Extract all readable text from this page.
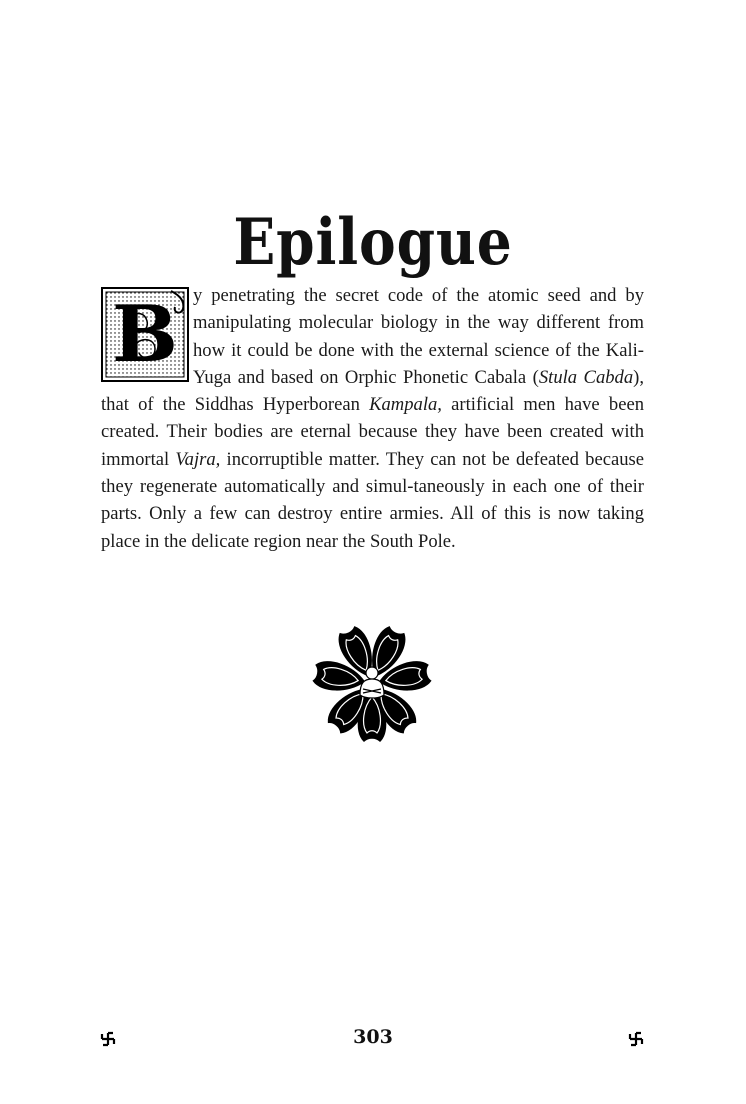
Epilogue
B y penetrating the secret code of the atomic seed and by manipulating molecular biology in the way different from how it could be done with the external science of the Kali-Yuga and based on Orphic Phonetic Cabala (Stula Cabda), that of the Siddhas Hyperborean Kampala, artificial men have been created. Their bodies are eternal because they have been created with immortal Vajra, incorruptible matter. They can not be defeated because they regenerate automatically and simul-taneously in each one of their parts. Only a few can destroy entire armies. All of this is now taking place in the delicate region near the South Pole.
303
